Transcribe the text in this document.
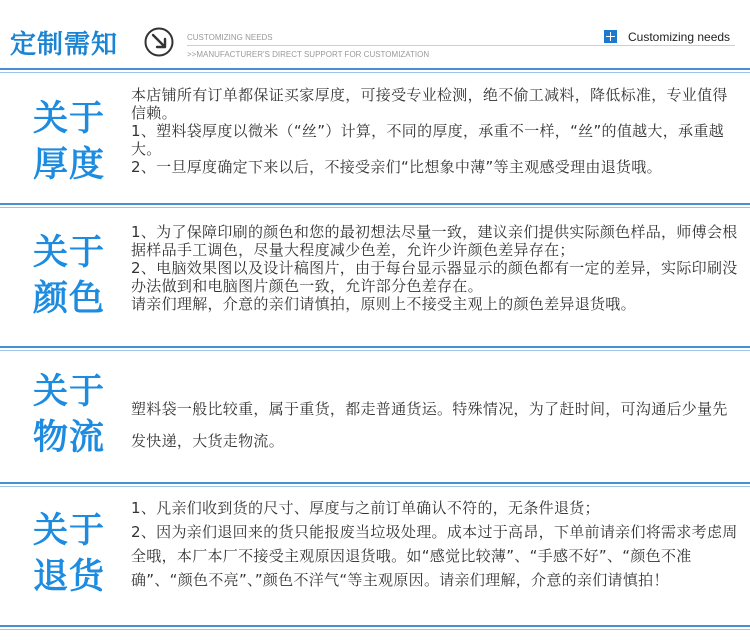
定制需知	CUSTOMIZING NEEDS
>>MANUFACTURER'S DIRECT SUPPORT FOR CUSTOMIZATION
Customizing needs
关于
厚度
本店铺所有订单都保证买家厚度，可接受专业检测，绝不偷工减料，降低标准，专业值得信赖。
1、塑料袋厚度以微米（“丝”）计算，不同的厚度，承重不一样，“丝”的值越大，承重越大。
2、一旦厚度确定下来以后，不接受亲们“比想象中薄”等主观感受理由退货哦。
关于
颜色
1、为了保障印刷的颜色和您的最初想法尽量一致，建议亲们提供实际颜色样品，师傅会根据样品手工调色，尽量大程度减少色差，允许少许颜色差异存在；
2、电脑效果图以及设计稿图片，由于每台显示器显示的颜色都有一定的差异，实际印刷没办法做到和电脑图片颜色一致，允许部分色差存在。
请亲们理解，介意的亲们请慎拍，原则上不接受主观上的颜色差异退货哦。
关于
物流
塑料袋一般比较重，属于重货，都走普通货运。特殊情况，为了赶时间，可沟通后少量先发快递，大货走物流。
关于
退货
1、凡亲们收到货的尺寸、厚度与之前订单确认不符的，无条件退货；
2、因为亲们退回来的货只能报废当垃圾处理。成本过于高昂，下单前请亲们将需求考虑周全哦，本厂本厂不接受主观原因退货哦。如“感觉比较薄”、“手感不好”、“颜色不准确”、“颜色不亮”、”颜色不洋气“等主观原因。请亲们理解，介意的亲们请慎拍！
